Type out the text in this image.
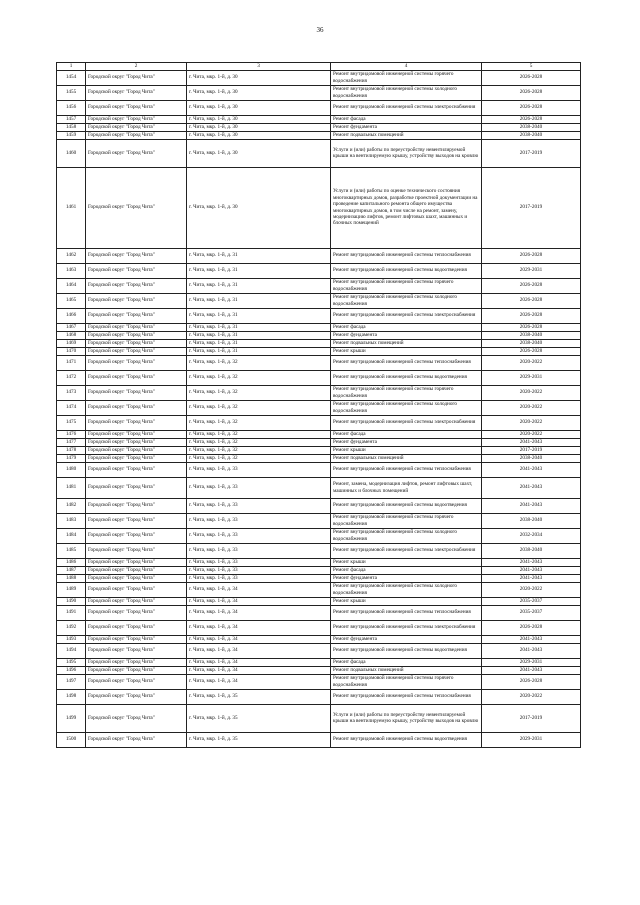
36
1	2	3	4	5
1454	Городской округ "Город Чита"	г. Чита, мкр. 1-й, д. 30	Ремонт внутридомовой инженерной системы горячего водоснабжения	2026-2028
1455	Городской округ "Город Чита"	г. Чита, мкр. 1-й, д. 30	Ремонт внутридомовой инженерной системы холодного водоснабжения	2026-2028
1456	Городской округ "Город Чита"	г. Чита, мкр. 1-й, д. 30	Ремонт внутридомовой инженерной системы электроснабжения	2026-2028
1457	Городской округ "Город Чита"	г. Чита, мкр. 1-й, д. 30	Ремонт фасада	2026-2028
1458	Городской округ "Город Чита"	г. Чита, мкр. 1-й, д. 30	Ремонт фундамента	2038-2040
1459	Городской округ "Город Чита"	г. Чита, мкр. 1-й, д. 30	Ремонт подвальных помещений	2038-2040
1460	Городской округ "Город Чита"	г. Чита, мкр. 1-й, д. 30	Услуги и (или) работы по переустройству невентилируемой крыши на вентилируемую крышу, устройству выходов на кровлю	2017-2019
1461	Городской округ "Город Чита"	г. Чита, мкр. 1-й, д. 30	Услуги и (или) работы по оценке технического состояния многоквартирных домов, разработке проектной документации на проведение капитального ремонта общего имущества многоквартирных домов, в том числе на ремонт, замену, модернизацию лифтов, ремонт лифтовых шахт, машинных и блочных помещений	2017-2019
1462	Городской округ "Город Чита"	г. Чита, мкр. 1-й, д. 31	Ремонт внутридомовой инженерной системы теплоснабжения	2026-2028
1463	Городской округ "Город Чита"	г. Чита, мкр. 1-й, д. 31	Ремонт внутридомовой инженерной системы водоотведения	2029-2031
1464	Городской округ "Город Чита"	г. Чита, мкр. 1-й, д. 31	Ремонт внутридомовой инженерной системы горячего водоснабжения	2026-2028
1465	Городской округ "Город Чита"	г. Чита, мкр. 1-й, д. 31	Ремонт внутридомовой инженерной системы холодного водоснабжения	2026-2028
1466	Городской округ "Город Чита"	г. Чита, мкр. 1-й, д. 31	Ремонт внутридомовой инженерной системы электроснабжения	2026-2028
1467	Городской округ "Город Чита"	г. Чита, мкр. 1-й, д. 31	Ремонт фасада	2026-2028
1468	Городской округ "Город Чита"	г. Чита, мкр. 1-й, д. 31	Ремонт фундамента	2038-2040
1469	Городской округ "Город Чита"	г. Чита, мкр. 1-й, д. 31	Ремонт подвальных помещений	2038-2040
1470	Городской округ "Город Чита"	г. Чита, мкр. 1-й, д. 31	Ремонт крыши	2026-2028
1471	Городской округ "Город Чита"	г. Чита, мкр. 1-й, д. 32	Ремонт внутридомовой инженерной системы теплоснабжения	2020-2022
1472	Городской округ "Город Чита"	г. Чита, мкр. 1-й, д. 32	Ремонт внутридомовой инженерной системы водоотведения	2029-2031
1473	Городской округ "Город Чита"	г. Чита, мкр. 1-й, д. 32	Ремонт внутридомовой инженерной системы горячего водоснабжения	2020-2022
1474	Городской округ "Город Чита"	г. Чита, мкр. 1-й, д. 32	Ремонт внутридомовой инженерной системы холодного водоснабжения	2020-2022
1475	Городской округ "Город Чита"	г. Чита, мкр. 1-й, д. 32	Ремонт внутридомовой инженерной системы электроснабжения	2020-2022
1476	Городской округ "Город Чита"	г. Чита, мкр. 1-й, д. 32	Ремонт фасада	2020-2022
1477	Городской округ "Город Чита"	г. Чита, мкр. 1-й, д. 32	Ремонт фундамента	2041-2043
1478	Городской округ "Город Чита"	г. Чита, мкр. 1-й, д. 32	Ремонт крыши	2017-2019
1479	Городской округ "Город Чита"	г. Чита, мкр. 1-й, д. 32	Ремонт подвальных помещений	2038-2040
1480	Городской округ "Город Чита"	г. Чита, мкр. 1-й, д. 33	Ремонт внутридомовой инженерной системы теплоснабжения	2041-2043
1481	Городской округ "Город Чита"	г. Чита, мкр. 1-й, д. 33	Ремонт, замена, модернизация лифтов, ремонт лифтовых шахт, машинных и блочных помещений	2041-2043
1482	Городской округ "Город Чита"	г. Чита, мкр. 1-й, д. 33	Ремонт внутридомовой инженерной системы водоотведения	2041-2043
1483	Городской округ "Город Чита"	г. Чита, мкр. 1-й, д. 33	Ремонт внутридомовой инженерной системы горячего водоснабжения	2038-2040
1484	Городской округ "Город Чита"	г. Чита, мкр. 1-й, д. 33	Ремонт внутридомовой инженерной системы холодного водоснабжения	2032-2034
1485	Городской округ "Город Чита"	г. Чита, мкр. 1-й, д. 33	Ремонт внутридомовой инженерной системы электроснабжения	2038-2040
1486	Городской округ "Город Чита"	г. Чита, мкр. 1-й, д. 33	Ремонт крыши	2041-2043
1487	Городской округ "Город Чита"	г. Чита, мкр. 1-й, д. 33	Ремонт фасада	2041-2043
1488	Городской округ "Город Чита"	г. Чита, мкр. 1-й, д. 33	Ремонт фундамента	2041-2043
1489	Городской округ "Город Чита"	г. Чита, мкр. 1-й, д. 34	Ремонт внутридомовой инженерной системы холодного водоснабжения	2020-2022
1490	Городской округ "Город Чита"	г. Чита, мкр. 1-й, д. 34	Ремонт крыши	2035-2037
1491	Городской округ "Город Чита"	г. Чита, мкр. 1-й, д. 34	Ремонт внутридомовой инженерной системы теплоснабжения	2035-2037
1492	Городской округ "Город Чита"	г. Чита, мкр. 1-й, д. 34	Ремонт внутридомовой инженерной системы электроснабжения	2026-2028
1493	Городской округ "Город Чита"	г. Чита, мкр. 1-й, д. 34	Ремонт фундамента	2041-2043
1494	Городской округ "Город Чита"	г. Чита, мкр. 1-й, д. 34	Ремонт внутридомовой инженерной системы водоотведения	2041-2043
1495	Городской округ "Город Чита"	г. Чита, мкр. 1-й, д. 34	Ремонт фасада	2029-2031
1496	Городской округ "Город Чита"	г. Чита, мкр. 1-й, д. 34	Ремонт подвальных помещений	2041-2043
1497	Городской округ "Город Чита"	г. Чита, мкр. 1-й, д. 34	Ремонт внутридомовой инженерной системы горячего водоснабжения	2026-2028
1498	Городской округ "Город Чита"	г. Чита, мкр. 1-й, д. 35	Ремонт внутридомовой инженерной системы теплоснабжения	2020-2022
1499	Городской округ "Город Чита"	г. Чита, мкр. 1-й, д. 35	Услуги и (или) работы по переустройству невентилируемой крыши на вентилируемую крышу, устройству выходов на кровлю	2017-2019
1500	Городской округ "Город Чита"	г. Чита, мкр. 1-й, д. 35	Ремонт внутридомовой инженерной системы водоотведения	2029-2031
